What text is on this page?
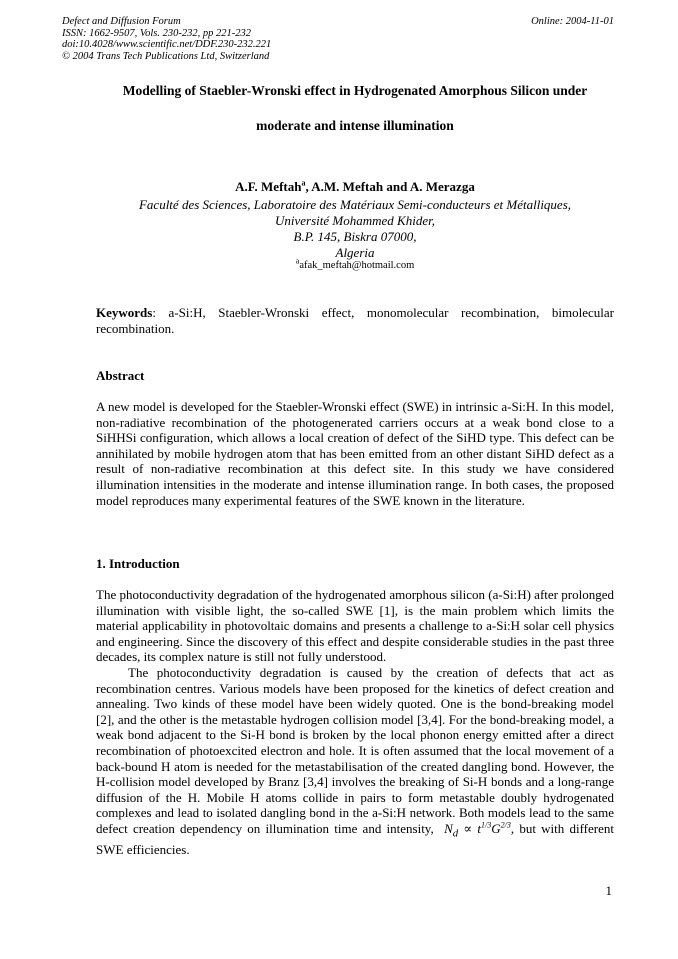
Defect and Diffusion Forum
ISSN: 1662-9507, Vols. 230-232, pp 221-232
doi:10.4028/www.scientific.net/DDF.230-232.221
© 2004 Trans Tech Publications Ltd, Switzerland
Online: 2004-11-01
Modelling of Staebler-Wronski effect in Hydrogenated Amorphous Silicon under
moderate and intense illumination
A.F. Meftah$^a$, A.M. Meftah and A. Merazga
Faculté des Sciences, Laboratoire des Matériaux Semi-conducteurs et Métalliques,
Université Mohammed Khider,
B.P. 145, Biskra 07000,
Algeria
$^a$afak_meftah@hotmail.com

Keywords: a-Si:H, Staebler-Wronski effect, monomolecular recombination, bimolecular recombination.

Abstract

A new model is developed for the Staebler-Wronski effect (SWE) in intrinsic a-Si:H. In this model, non-radiative recombination of the photogenerated carriers occurs at a weak bond close to a SiHHSi configuration, which allows a local creation of defect of the SiHD type. This defect can be annihilated by mobile hydrogen atom that has been emitted from an other distant SiHD defect as a result of non-radiative recombination at this defect site. In this study we have considered illumination intensities in the moderate and intense illumination range. In both cases, the proposed model reproduces many experimental features of the SWE known in the literature.

1. Introduction

The photoconductivity degradation of the hydrogenated amorphous silicon (a-Si:H) after prolonged illumination with visible light, the so-called SWE [1], is the main problem which limits the material applicability in photovoltaic domains and presents a challenge to a-Si:H solar cell physics and engineering. Since the discovery of this effect and despite considerable studies in the past three decades, its complex nature is still not fully understood.

The photoconductivity degradation is caused by the creation of defects that act as recombination centres. Various models have been proposed for the kinetics of defect creation and annealing. Two kinds of these model have been widely quoted. One is the bond-breaking model [2], and the other is the metastable hydrogen collision model [3,4]. For the bond-breaking model, a weak bond adjacent to the Si-H bond is broken by the local phonon energy emitted after a direct recombination of photoexcited electron and hole. It is often assumed that the local movement of a back-bound H atom is needed for the metastabilisation of the created dangling bond. However, the H-collision model developed by Branz [3,4] involves the breaking of Si-H bonds and a long-range diffusion of the H. Mobile H atoms collide in pairs to form metastable doubly hydrogenated complexes and lead to isolated dangling bond in the a-Si:H network. Both models lead to the same defect creation dependency on illumination time and intensity, $N_d \propto t^{1/3}G^{2/3}$, but with different SWE efficiencies.

1
